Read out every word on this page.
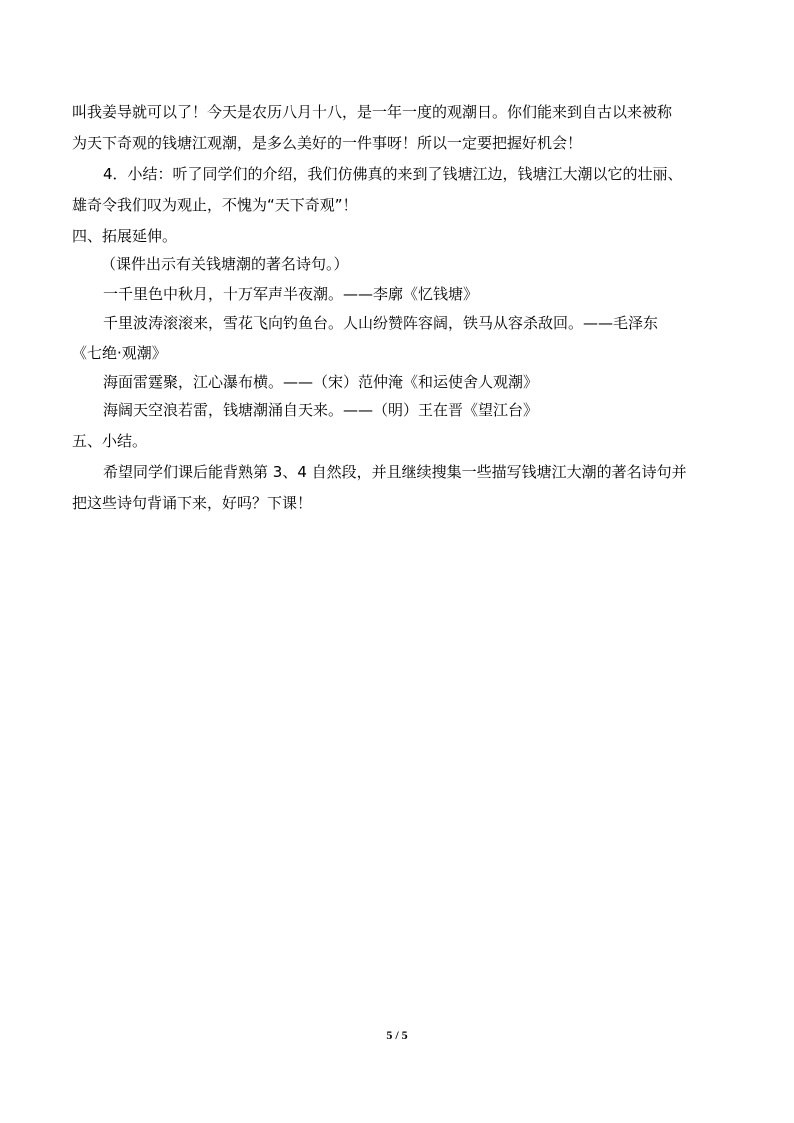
叫我姜导就可以了！今天是农历八月十八，是一年一度的观潮日。你们能来到自古以来被称
为天下奇观的钱塘江观潮，是多么美好的一件事呀！所以一定要把握好机会！
4．小结：听了同学们的介绍，我们仿佛真的来到了钱塘江边，钱塘江大潮以它的壮丽、
雄奇令我们叹为观止，不愧为“天下奇观”！
四、拓展延伸。
（课件出示有关钱塘潮的著名诗句。）
一千里色中秋月，十万军声半夜潮。——李廓《忆钱塘》
千里波涛滚滚来，雪花飞向钓鱼台。人山纷赞阵容阔，铁马从容杀敌回。——毛泽东
《七绝·观潮》
海面雷霆聚，江心瀑布横。——（宋）范仲淹《和运使舍人观潮》
海阔天空浪若雷，钱塘潮涌自天来。——（明）王在晋《望江台》
五、小结。
希望同学们课后能背熟第 3、4 自然段，并且继续搜集一些描写钱塘江大潮的著名诗句并
把这些诗句背诵下来，好吗？下课！
5 / 5
